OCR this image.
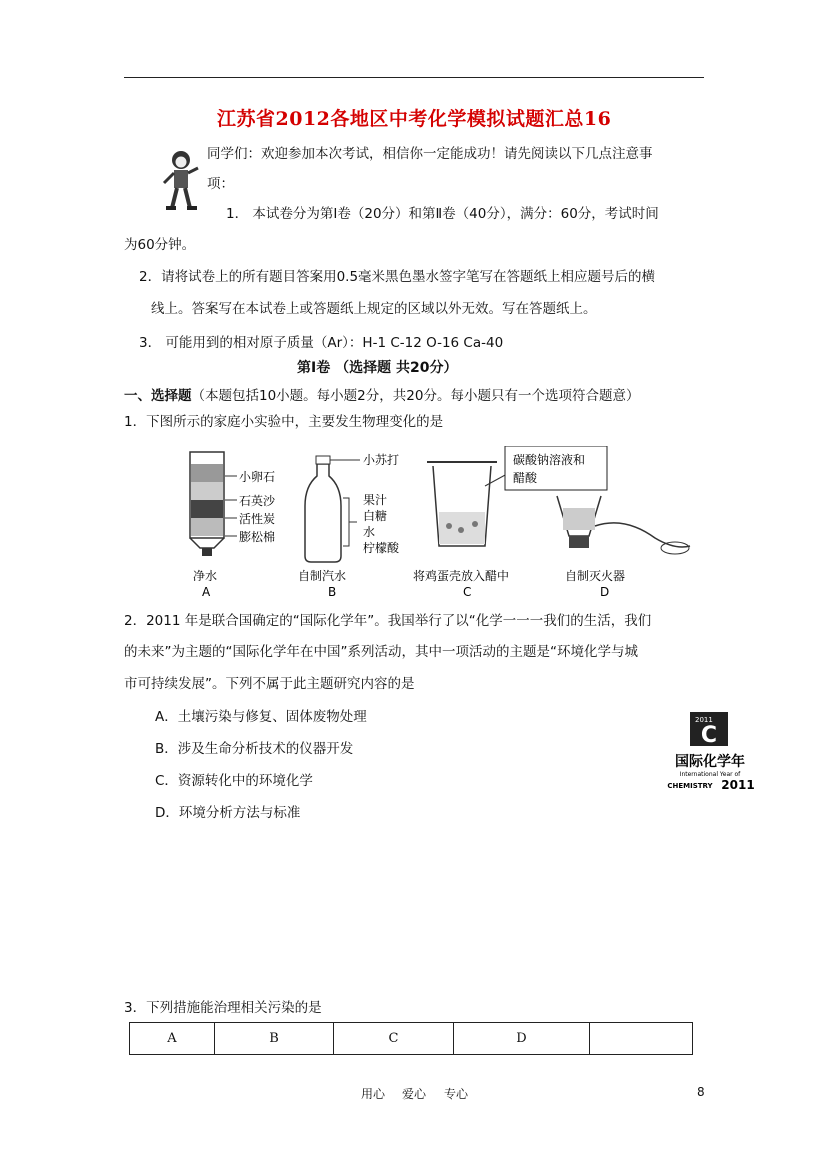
江苏省2012各地区中考化学模拟试题汇总16
同学们：欢迎参加本次考试，相信你一定能成功！请先阅读以下几点注意事
项：
1． 本试卷分为第Ⅰ卷（20分）和第Ⅱ卷（40分），满分：60分，考试时间
为60分钟。
2．请将试卷上的所有题目答案用0.5毫米黑色墨水签字笔写在答题纸上相应题号后的横
线上。答案写在本试卷上或答题纸上规定的区域以外无效。写在答题纸上。
3． 可能用到的相对原子质量（Ar）：H-1 C-12 O-16 Ca-40
第Ⅰ卷 （选择题 共20分）
一、选择题（本题包括10小题。每小题2分，共20分。每小题只有一个选项符合题意）
1．下图所示的家庭小实验中，主要发生物理变化的是
小卵石
石英沙
活性炭
膨松棉
小苏打
果汁
白糖
水
柠檬酸
碳酸钠溶液和
醋酸
净水	自制汽水	将鸡蛋壳放入醋中	自制灭火器
A	B	C	D
2．2011 年是联合国确定的“国际化学年”。我国举行了以“化学一一一我们的生活，我们
的未来”为主题的“国际化学年在中国”系列活动，其中一项活动的主题是“环境化学与城
市可持续发展”。下列不属于此主题研究内容的是
A．土壤污染与修复、固体废物处理
B．涉及生命分析技术的仪器开发
C．资源转化中的环境化学
D．环境分析方法与标准
2011
C
国际化学年
International Year of
CHEMISTRY 2011
3．下列措施能治理相关污染的是
A	B	C	D	
用心 爱心 专心	8
